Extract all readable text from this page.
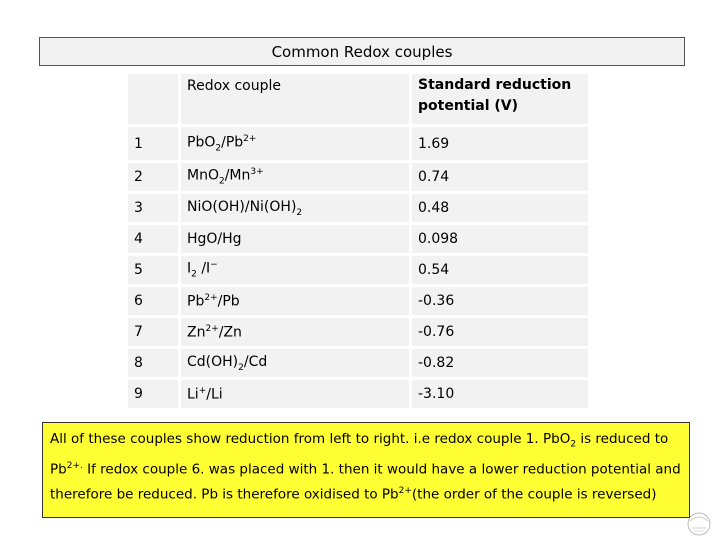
Common Redox couples
	Redox couple	Standard reduction
potential (V)
1	$PbO_2/Pb^{2+}$	1.69
2	$MnO_2/Mn^{3+}$	0.74
3	$NiO(OH)/Ni(OH)_2$	0.48
4	HgO/Hg	0.098
5	$I_2$ /I−	0.54
6	$Pb^{2+}/Pb$	-0.36
7	$Zn^{2+}/Zn$	-0.76
8	$Cd(OH)_2/Cd$	-0.82
9	Li+/Li	-3.10
All of these couples show reduction from left to right. i.e redox couple 1. PbO$_2$ is reduced to $Pb^{2+.}$ If redox couple 6. was placed with 1. then it would have a lower reduction potential and therefore be reduced. Pb is therefore oxidised to $Pb^{2+}(the$ order of the couple is reversed)
